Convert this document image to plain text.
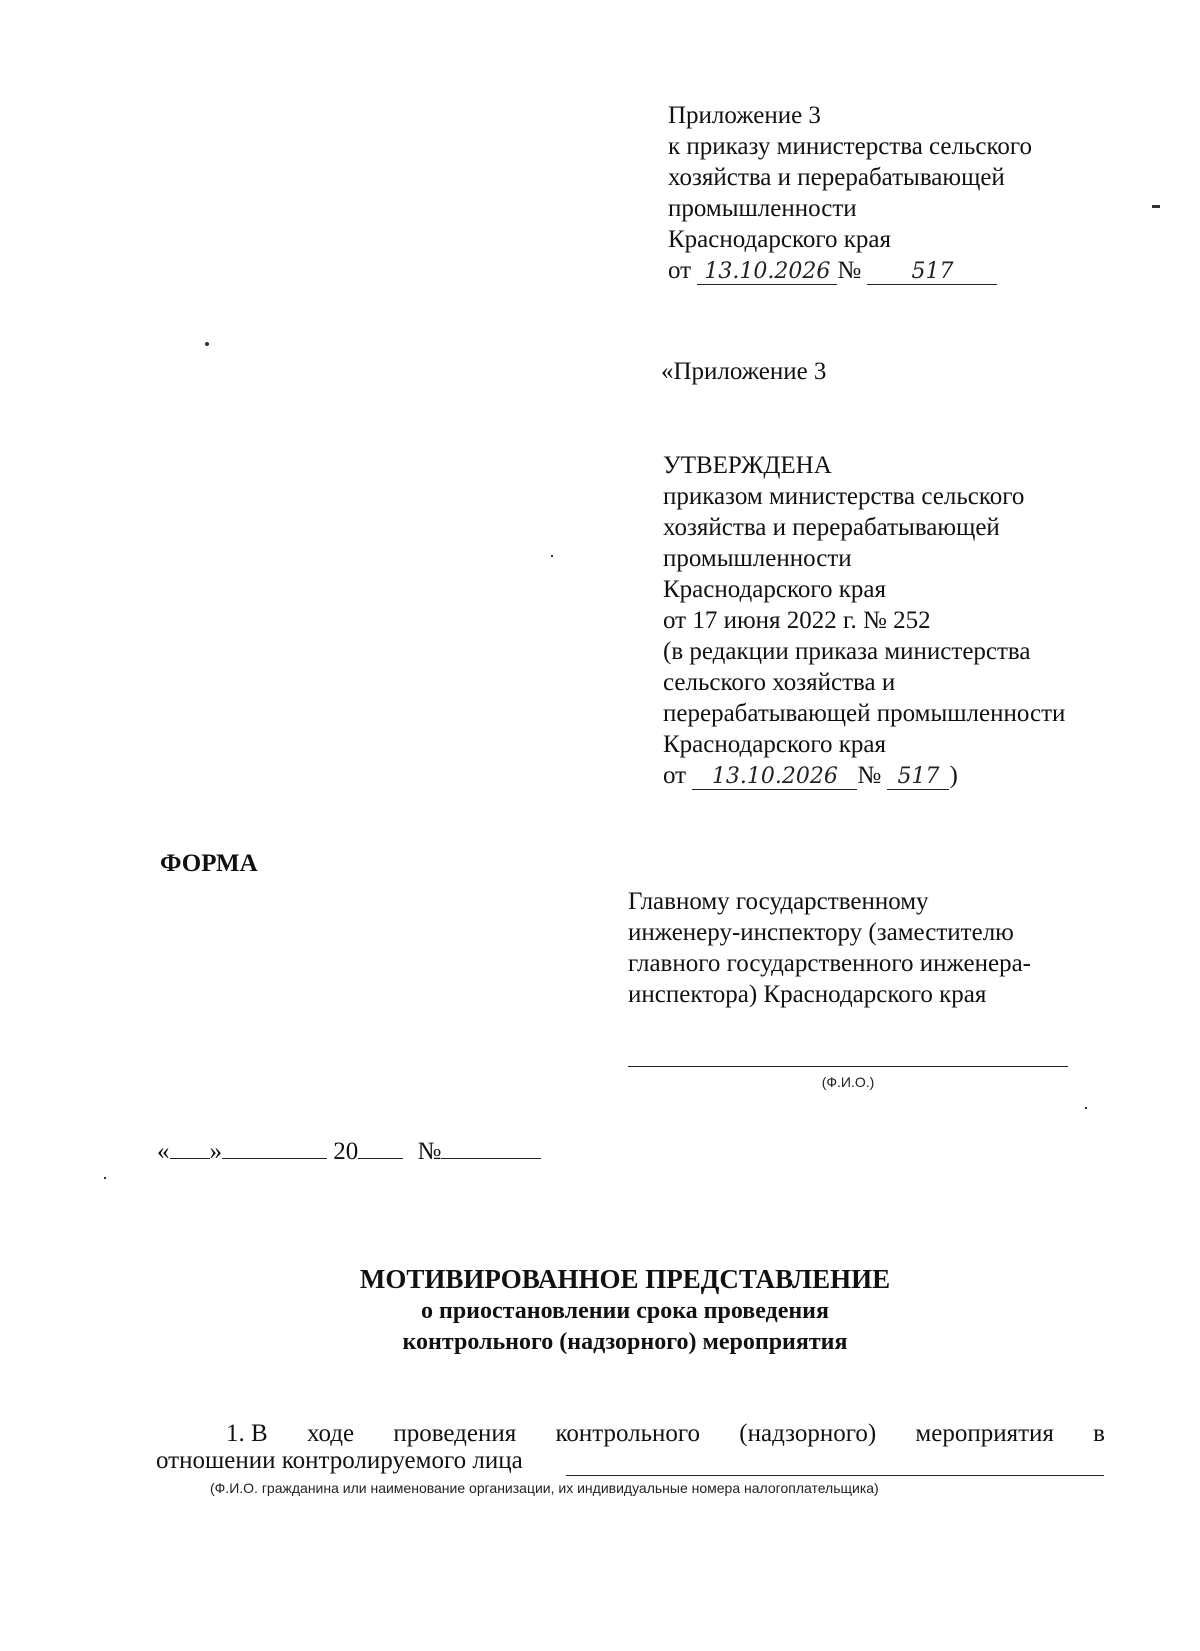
Приложение 3
к приказу министерства сельского
хозяйства и перерабатывающей
промышленности
Краснодарского края
от 13.10.2026 № 517
«Приложение 3
УТВЕРЖДЕНА
приказом министерства сельского
хозяйства и перерабатывающей
промышленности
Краснодарского края
от 17 июня 2022 г. № 252
(в редакции приказа министерства
сельского хозяйства и
перерабатывающей промышленности
Краснодарского края
от 13.10.2026 № 517 )
ФОРМА
Главному государственному
инженеру-инспектору (заместителю
главного государственного инженера-
инспектора) Краснодарского края
(Ф.И.О.)
« »	20 №
МОТИВИРОВАННОЕ ПРЕДСТАВЛЕНИЕ
о приостановлении срока проведения
контрольного (надзорного) мероприятия
1. В ходе проведения контрольного (надзорного) мероприятия в
отношении контролируемого лица
(Ф.И.О. гражданина или наименование организации, их индивидуальные номера налогоплательщика)
